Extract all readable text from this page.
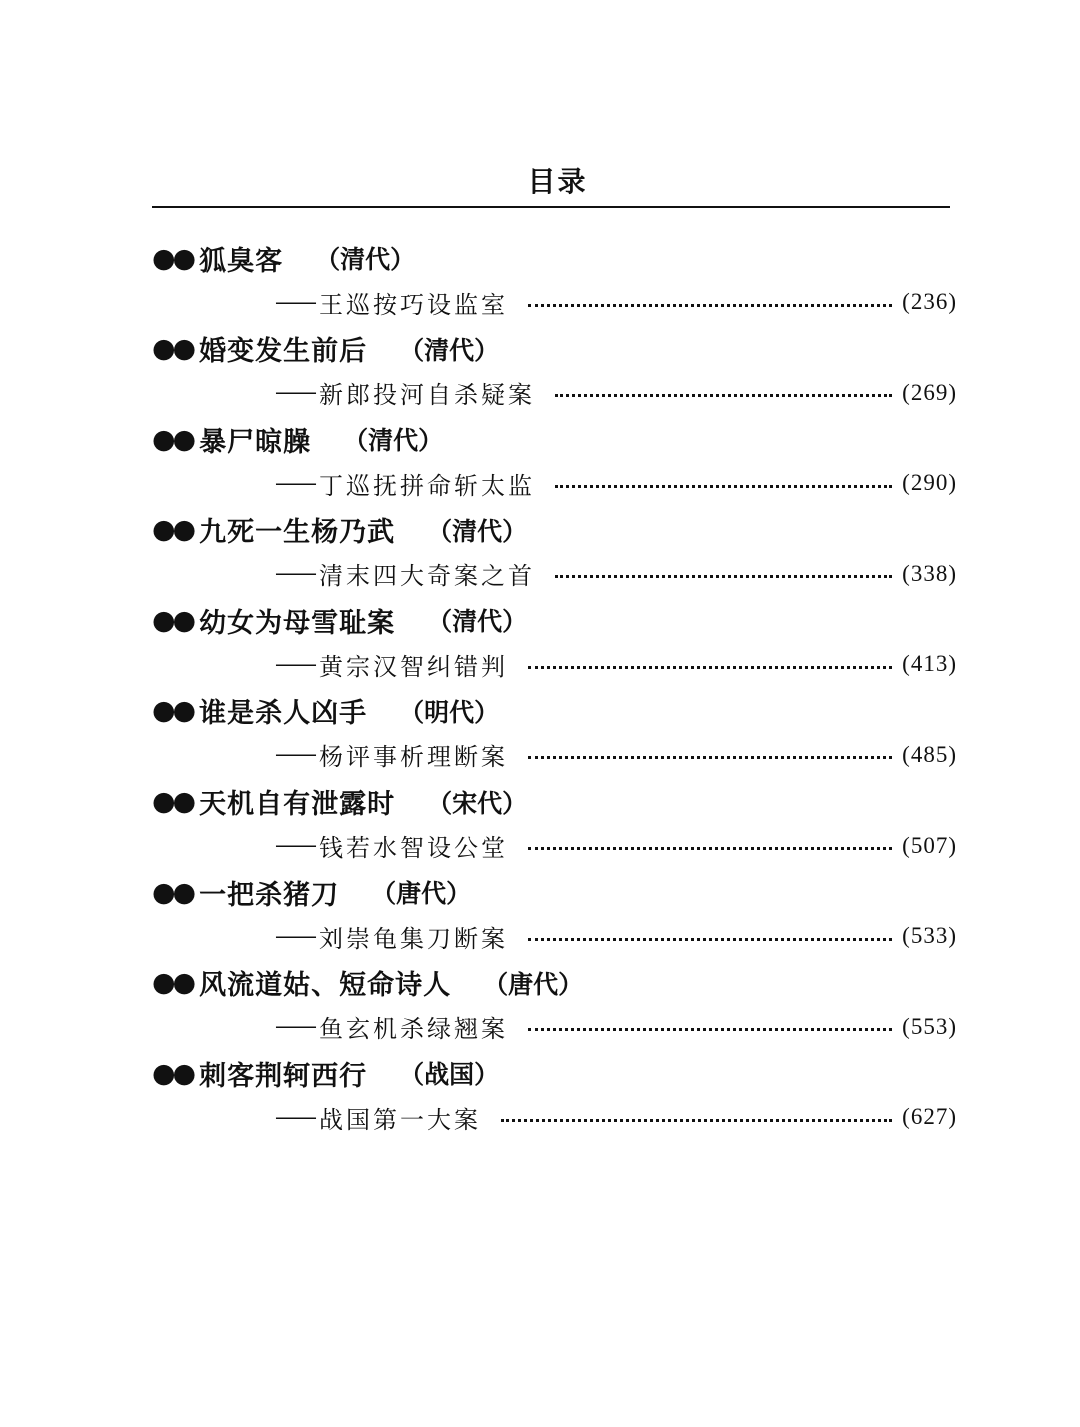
目录
●● 狐臭客 （清代）
—— 王巡按巧设监室	(236)
●● 婚变发生前后 （清代）
—— 新郎投河自杀疑案	(269)
●● 暴尸晾臊 （清代）
—— 丁巡抚拼命斩太监	(290)
●● 九死一生杨乃武 （清代）
—— 清末四大奇案之首	(338)
●● 幼女为母雪耻案 （清代）
—— 黄宗汉智纠错判	(413)
●● 谁是杀人凶手 （明代）
—— 杨评事析理断案	(485)
●● 天机自有泄露时 （宋代）
—— 钱若水智设公堂	(507)
●● 一把杀猪刀 （唐代）
—— 刘崇龟集刀断案	(533)
●● 风流道姑、短命诗人 （唐代）
—— 鱼玄机杀绿翘案	(553)
●● 刺客荆轲西行 （战国）
—— 战国第一大案	(627)
